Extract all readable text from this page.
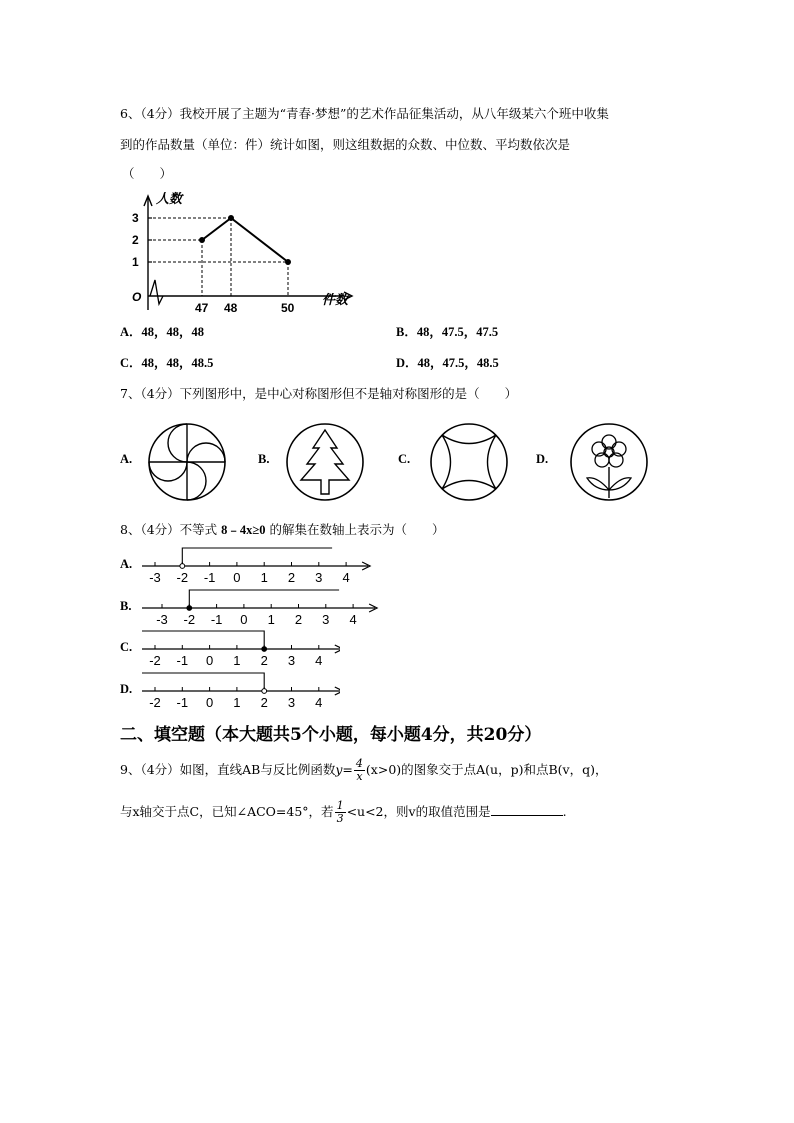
6、（4分）我校开展了主题为“青春·梦想”的艺术作品征集活动，从八年级某六个班中收集
到的作品数量（单位：件）统计如图，则这组数据的众数、中位数、平均数依次是
（　　）
人数
件数
O
1
2
3
47 48	50
A．48，48，48	B．48，47.5，47.5
C．48，48，48.5	D．48，47.5，48.5
7、（4分）下列图形中，是中心对称图形但不是轴对称图形的是（　　）
A.	B.	C.	D.
8、（4分）不等式 8﹣4x≥0 的解集在数轴上表示为（　　）
A.
-3 -2 -1 0 1 2 3 4
B.
-3 -2 -1 0 1 2 3 4
C.
-2 -1 0 1 2 3 4
D.
-2 -1 0 1 2 3 4
二、填空题（本大题共5个小题，每小题4分，共20分）
9、（4分）如图，直线AB与反比例函数$y= \frac{4}{x} (x>0)$的图象交于点A(u，p)和点B(v，q)，
与x轴交于点C，已知∠ACO=45°，若 $\frac{1}{3} <u<2$，则v的取值范围是	.
